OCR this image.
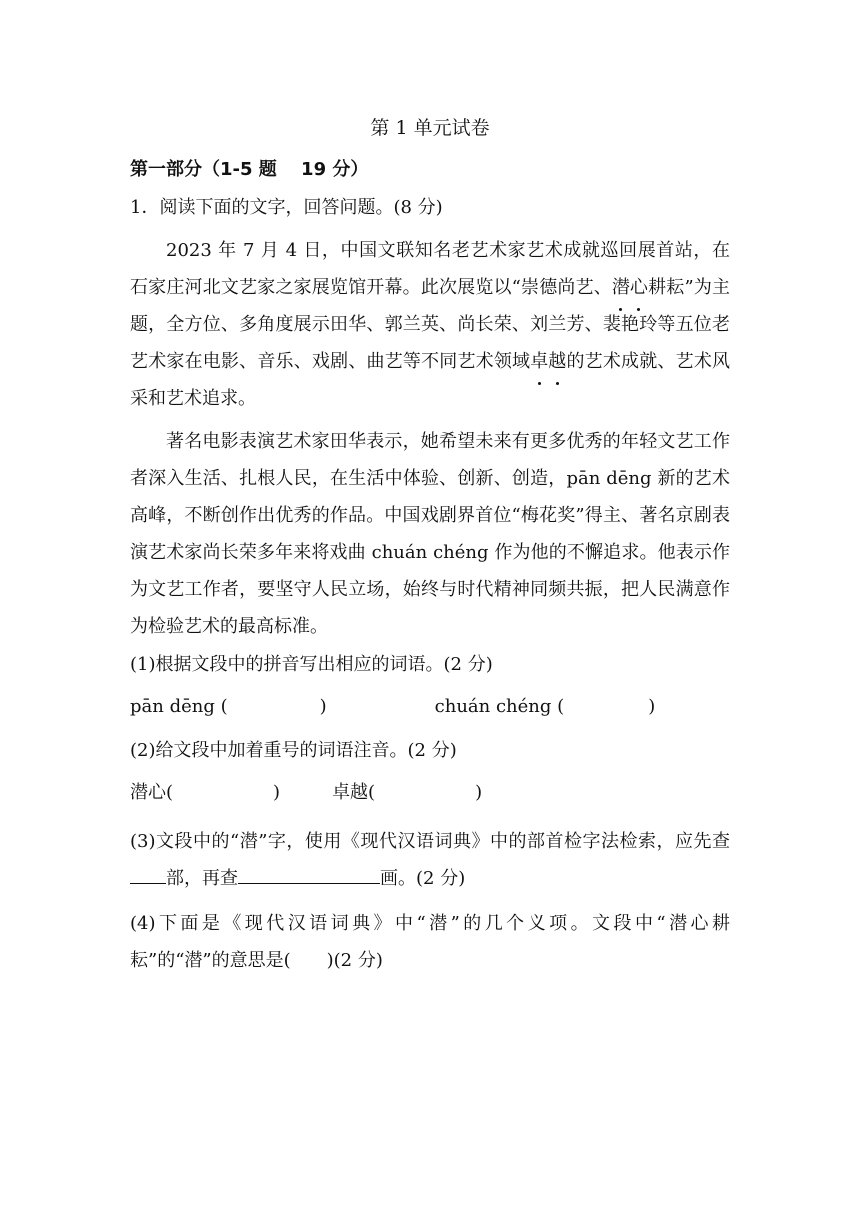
第 1 单元试卷
第一部分（1-5 题　 19 分）
1．阅读下面的文字，回答问题。(8 分)

2023 年 7 月 4 日，中国文联知名老艺术家艺术成就巡回展首站，在石家庄河北文艺家之家展览馆开幕。此次展览以“崇德尚艺、潜心耕耘”为主题，全方位、多角度展示田华、郭兰英、尚长荣、刘兰芳、裴艳玲等五位老艺术家在电影、音乐、戏剧、曲艺等不同艺术领域卓越的艺术成就、艺术风采和艺术追求。

著名电影表演艺术家田华表示，她希望未来有更多优秀的年轻文艺工作者深入生活、扎根人民，在生活中体验、创新、创造，pān dēng 新的艺术高峰，不断创作出优秀的作品。中国戏剧界首位“梅花奖”得主、著名京剧表演艺术家尚长荣多年来将戏曲 chuán chéng 作为他的不懈追求。他表示作为文艺工作者，要坚守人民立场，始终与时代精神同频共振，把人民满意作为检验艺术的最高标准。

(1)根据文段中的拼音写出相应的词语。(2 分)
pān dēng (	)	chuán chéng (	)
(2)给文段中加着重号的词语注音。(2 分)
潜心(	)	卓越(	)

(3)文段中的“潜”字，使用《现代汉语词典》中的部首检字法检索，应先查部，再查	画。(2 分)

(4)下面是《现代汉语词典》中“潜”的几个义项。文段中“潜心耕耘”的“潜”的意思是(　　)(2 分)
